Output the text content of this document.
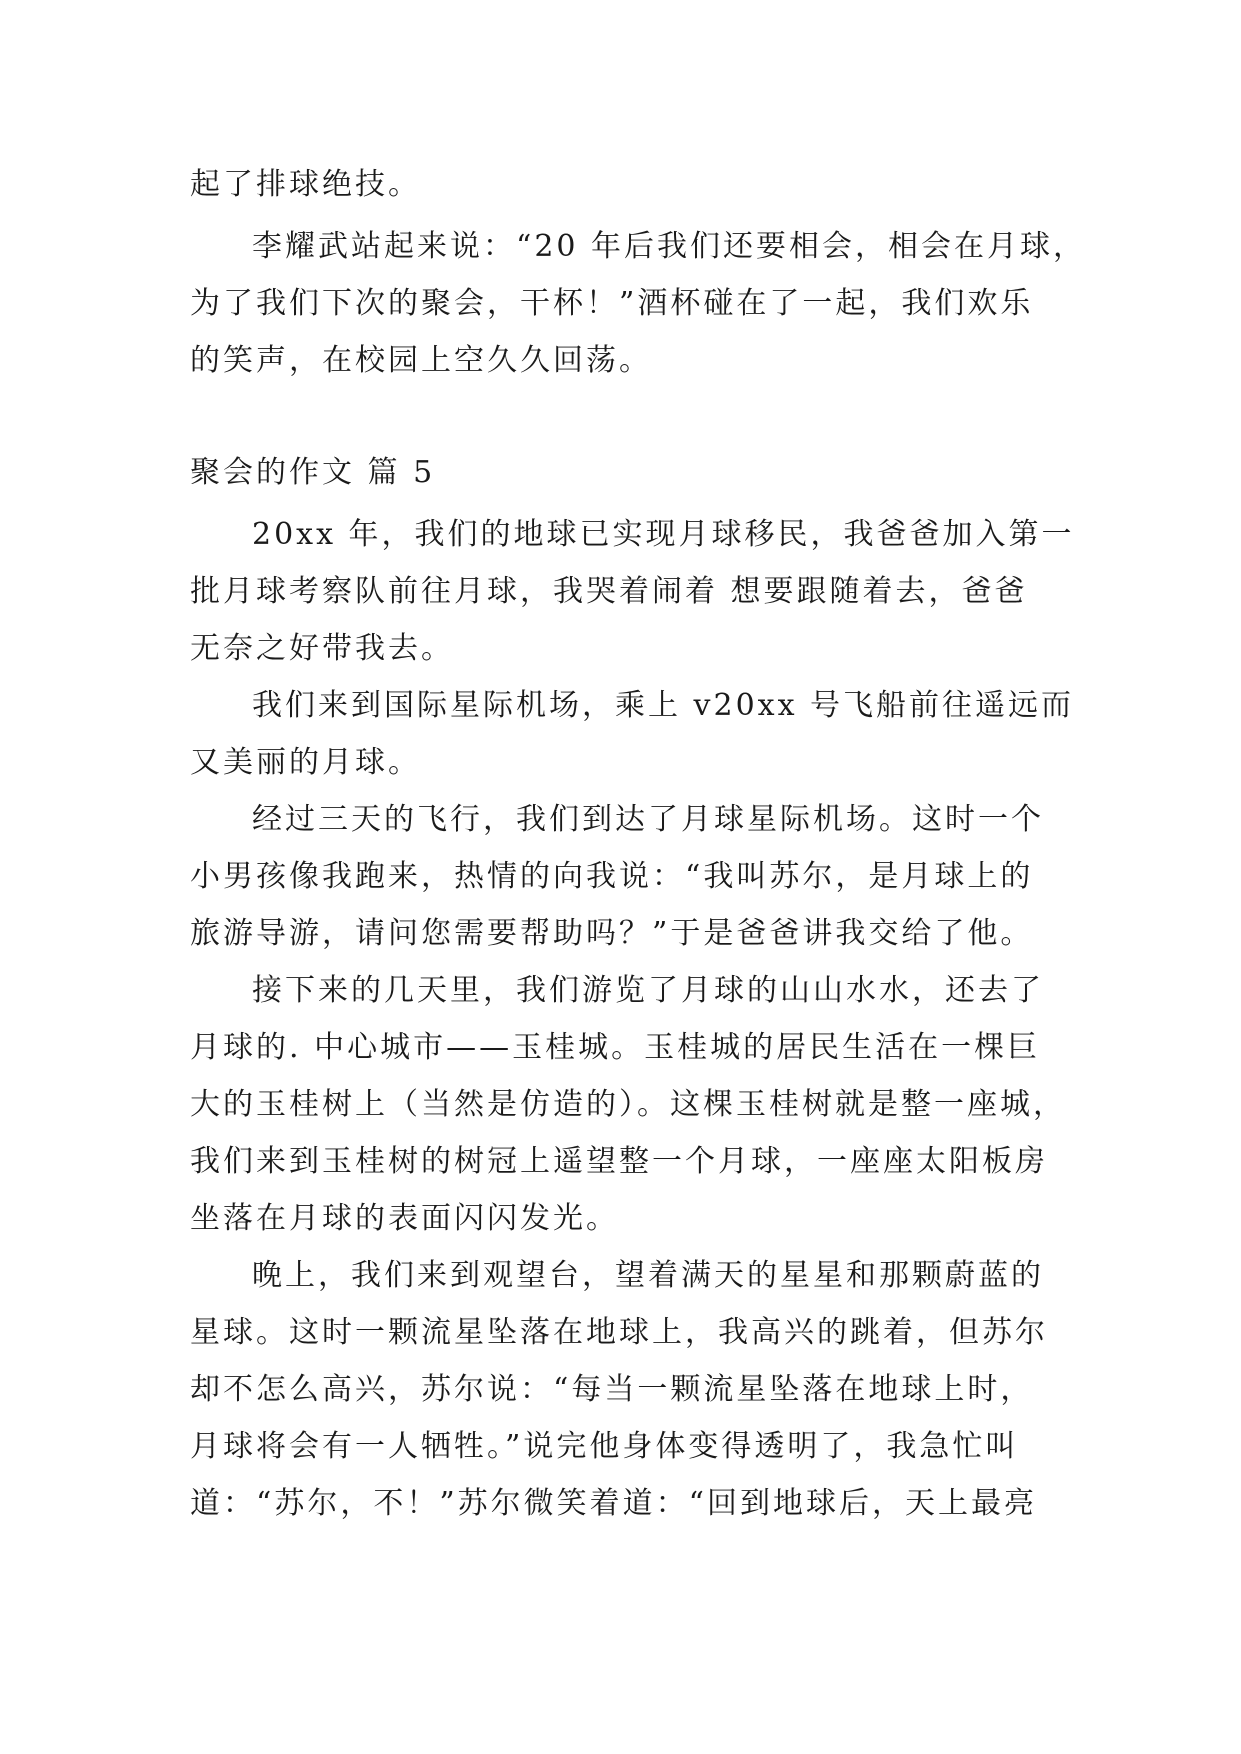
起了排球绝技。
李耀武站起来说：“20 年后我们还要相会，相会在月球，
为了我们下次的聚会，干杯！”酒杯碰在了一起，我们欢乐
的笑声，在校园上空久久回荡。
聚会的作文 篇 5
20xx 年，我们的地球已实现月球移民，我爸爸加入第一
批月球考察队前往月球，我哭着闹着 想要跟随着去，爸爸
无奈之好带我去。
我们来到国际星际机场，乘上 v20xx 号飞船前往遥远而
又美丽的月球。
经过三天的飞行，我们到达了月球星际机场。这时一个
小男孩像我跑来，热情的向我说：“我叫苏尔，是月球上的
旅游导游，请问您需要帮助吗？”于是爸爸讲我交给了他。
接下来的几天里，我们游览了月球的山山水水，还去了
月球的. 中心城市——玉桂城。玉桂城的居民生活在一棵巨
大的玉桂树上（当然是仿造的）。这棵玉桂树就是整一座城，
我们来到玉桂树的树冠上遥望整一个月球，一座座太阳板房
坐落在月球的表面闪闪发光。
晚上，我们来到观望台，望着满天的星星和那颗蔚蓝的
星球。这时一颗流星坠落在地球上，我高兴的跳着，但苏尔
却不怎么高兴，苏尔说：“每当一颗流星坠落在地球上时，
月球将会有一人牺牲。”说完他身体变得透明了，我急忙叫
道：“苏尔，不！”苏尔微笑着道：“回到地球后，天上最亮
